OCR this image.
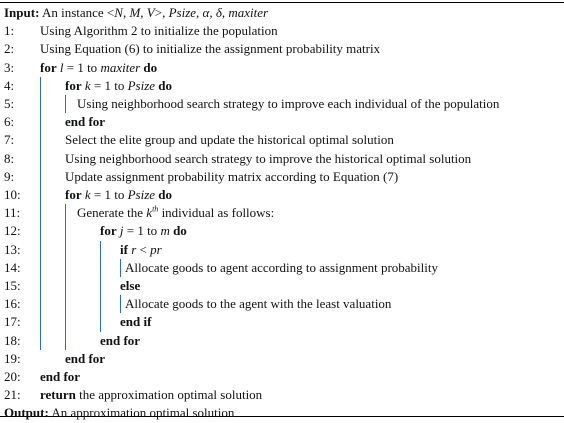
Input: An instance <N, M, V>, Psize, α, δ, maxiter
1: Using Algorithm 2 to initialize the population
2: Using Equation (6) to initialize the assignment probability matrix
3: for l = 1 to maxiter do
4:	for k = 1 to Psize do
5:	Using neighborhood search strategy to improve each individual of the population
6:	end for
7:	Select the elite group and update the historical optimal solution
8:	Using neighborhood search strategy to improve the historical optimal solution
9:	Update assignment probability matrix according to Equation (7)
10:	for k = 1 to Psize do
11:	Generate the $k^{th}$ individual as follows:
12:	for j = 1 to m do
13:	if r < pr
14:	Allocate goods to agent according to assignment probability
15:	else
16:	Allocate goods to the agent with the least valuation
17:	end if
18:	end for
19:	end for
20: end for
21: return the approximation optimal solution
Output: An approximation optimal solution
